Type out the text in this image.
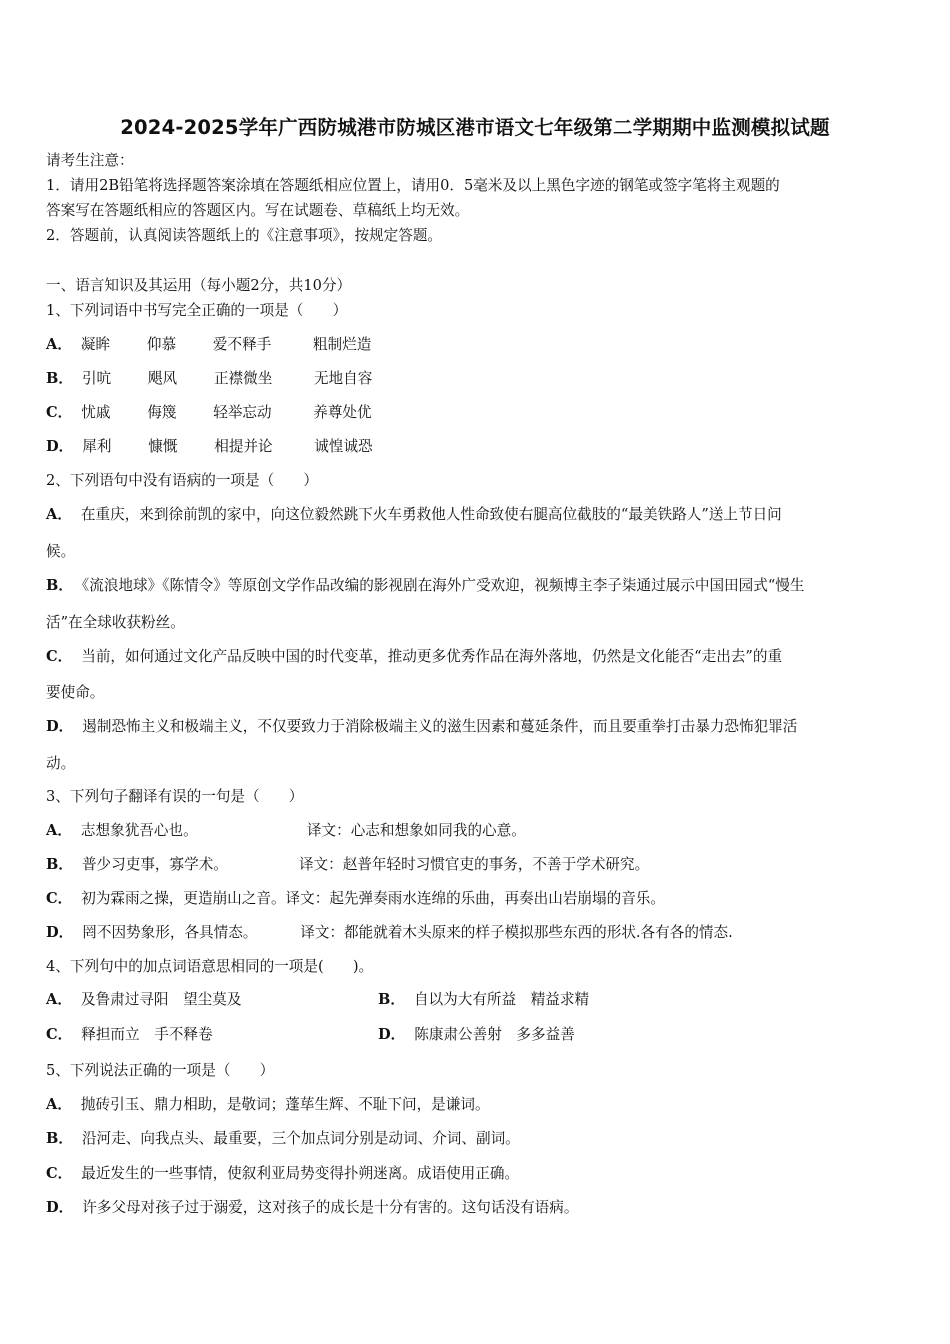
2024-2025学年广西防城港市防城区港市语文七年级第二学期期中监测模拟试题
请考生注意：
1．请用2B铅笔将选择题答案涂填在答题纸相应位置上，请用0．5毫米及以上黑色字迹的钢笔或签字笔将主观题的
答案写在答题纸相应的答题区内。写在试题卷、草稿纸上均无效。
2．答题前，认真阅读答题纸上的《注意事项》，按规定答题。
一、语言知识及其运用（每小题2分，共10分）
1、下列词语中书写完全正确的一项是（　　）
A． 凝眸	仰慕	爱不释手	粗制烂造
B． 引吭	飓风	正襟微坐	无地自容
C． 忧戚	侮篾	轻举忘动	养尊处优
D． 犀利	慷慨	相提并论	诚惶诚恐
2、下列语句中没有语病的一项是（　　）
A． 在重庆，来到徐前凯的家中，向这位毅然跳下火车勇救他人性命致使右腿高位截肢的“最美铁路人”送上节日问
候。
B． 《流浪地球》《陈情令》等原创文学作品改编的影视剧在海外广受欢迎，视频博主李子柒通过展示中国田园式“慢生
活”在全球收获粉丝。
C． 当前，如何通过文化产品反映中国的时代变革，推动更多优秀作品在海外落地，仍然是文化能否“走出去”的重
要使命。
D． 遏制恐怖主义和极端主义，不仅要致力于消除极端主义的滋生因素和蔓延条件，而且要重拳打击暴力恐怖犯罪活
动。
3、下列句子翻译有误的一句是（　　）
A． 志想象犹吾心也。	译文：心志和想象如同我的心意。
B． 普少习吏事，寡学术。	译文：赵普年轻时习惯官吏的事务，不善于学术研究。
C． 初为霖雨之操，更造崩山之音。译文：起先弹奏雨水连绵的乐曲，再奏出山岩崩塌的音乐。
D． 罔不因势象形，各具情态。	译文：都能就着木头原来的样子模拟那些东西的形状.各有各的情态.
4、下列句中的加点词语意思相同的一项是(　　)。
A． 及鲁肃过寻阳　望尘莫及	B． 自以为大有所益　精益求精
C． 释担而立　手不释卷	D． 陈康肃公善射　多多益善
5、下列说法正确的一项是（　　）
A． 抛砖引玉、鼎力相助，是敬词；蓬荜生辉、不耻下问，是谦词。
B． 沿河走、向我点头、最重要，三个加点词分别是动词、介词、副词。
C． 最近发生的一些事情，使叙利亚局势变得扑朔迷离。成语使用正确。
D． 许多父母对孩子过于溺爱，这对孩子的成长是十分有害的。这句话没有语病。
